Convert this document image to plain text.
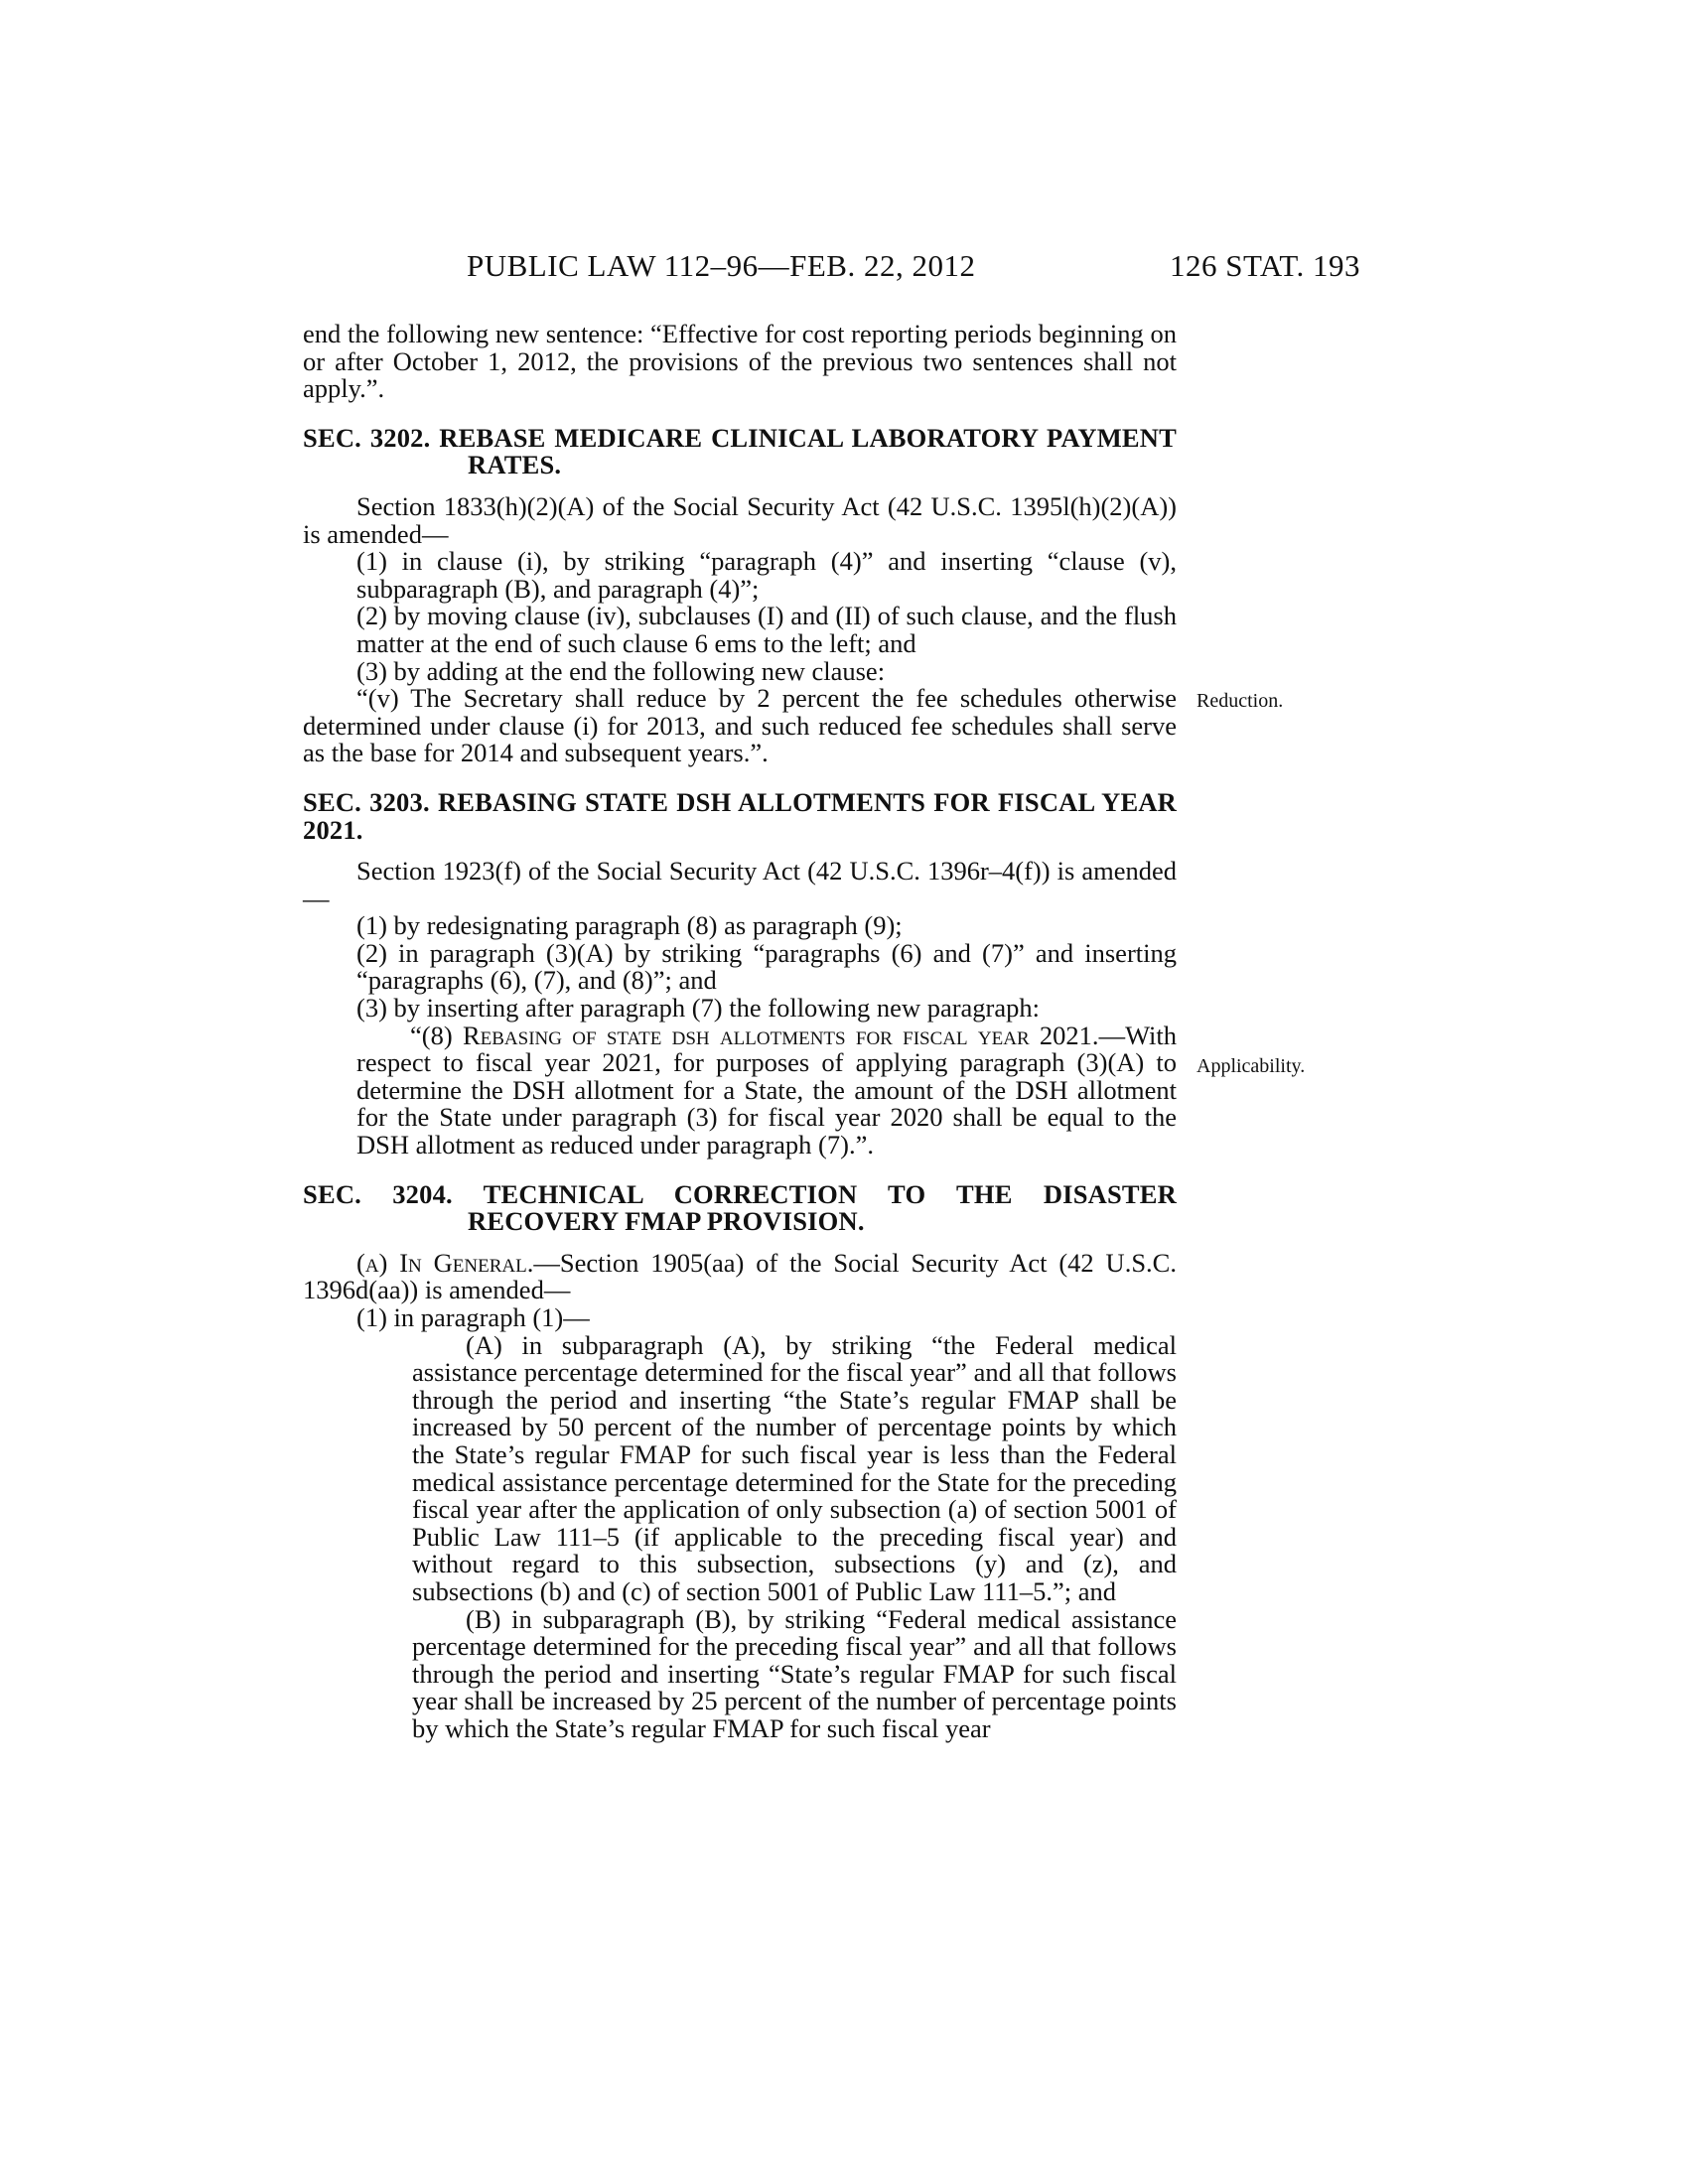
PUBLIC LAW 112–96—FEB. 22, 2012	126 STAT. 193

end the following new sentence: “Effective for cost reporting periods beginning on or after October 1, 2012, the provisions of the previous two sentences shall not apply.”.

SEC. 3202. REBASE MEDICARE CLINICAL LABORATORY PAYMENT RATES.

Section 1833(h)(2)(A) of the Social Security Act (42 U.S.C. 1395l(h)(2)(A)) is amended—

(1) in clause (i), by striking “paragraph (4)” and inserting “clause (v), subparagraph (B), and paragraph (4)”;

(2) by moving clause (iv), subclauses (I) and (II) of such clause, and the flush matter at the end of such clause 6 ems to the left; and

(3) by adding at the end the following new clause:

“(v) The Secretary shall reduce by 2 percent the fee schedules otherwise determined under clause (i) for 2013, and such reduced fee schedules shall serve as the base for 2014 and subsequent years.”.

Reduction.

SEC. 3203. REBASING STATE DSH ALLOTMENTS FOR FISCAL YEAR 2021.

Section 1923(f) of the Social Security Act (42 U.S.C. 1396r–4(f)) is amended—

(1) by redesignating paragraph (8) as paragraph (9);

(2) in paragraph (3)(A) by striking “paragraphs (6) and (7)” and inserting “paragraphs (6), (7), and (8)”; and

(3) by inserting after paragraph (7) the following new paragraph:

“(8) Rebasing of state dsh allotments for fiscal year 2021.—With respect to fiscal year 2021, for purposes of applying paragraph (3)(A) to determine the DSH allotment for a State, the amount of the DSH allotment for the State under paragraph (3) for fiscal year 2020 shall be equal to the DSH allotment as reduced under paragraph (7).”.

Applicability.

SEC. 3204. TECHNICAL CORRECTION TO THE DISASTER RECOVERY FMAP PROVISION.

(a) In General.—Section 1905(aa) of the Social Security Act (42 U.S.C. 1396d(aa)) is amended—

(1) in paragraph (1)—

(A) in subparagraph (A), by striking “the Federal medical assistance percentage determined for the fiscal year” and all that follows through the period and inserting “the State’s regular FMAP shall be increased by 50 percent of the number of percentage points by which the State’s regular FMAP for such fiscal year is less than the Federal medical assistance percentage determined for the State for the preceding fiscal year after the application of only subsection (a) of section 5001 of Public Law 111–5 (if applicable to the preceding fiscal year) and without regard to this subsection, subsections (y) and (z), and subsections (b) and (c) of section 5001 of Public Law 111–5.”; and

(B) in subparagraph (B), by striking “Federal medical assistance percentage determined for the preceding fiscal year” and all that follows through the period and inserting “State’s regular FMAP for such fiscal year shall be increased by 25 percent of the number of percentage points by which the State’s regular FMAP for such fiscal year
